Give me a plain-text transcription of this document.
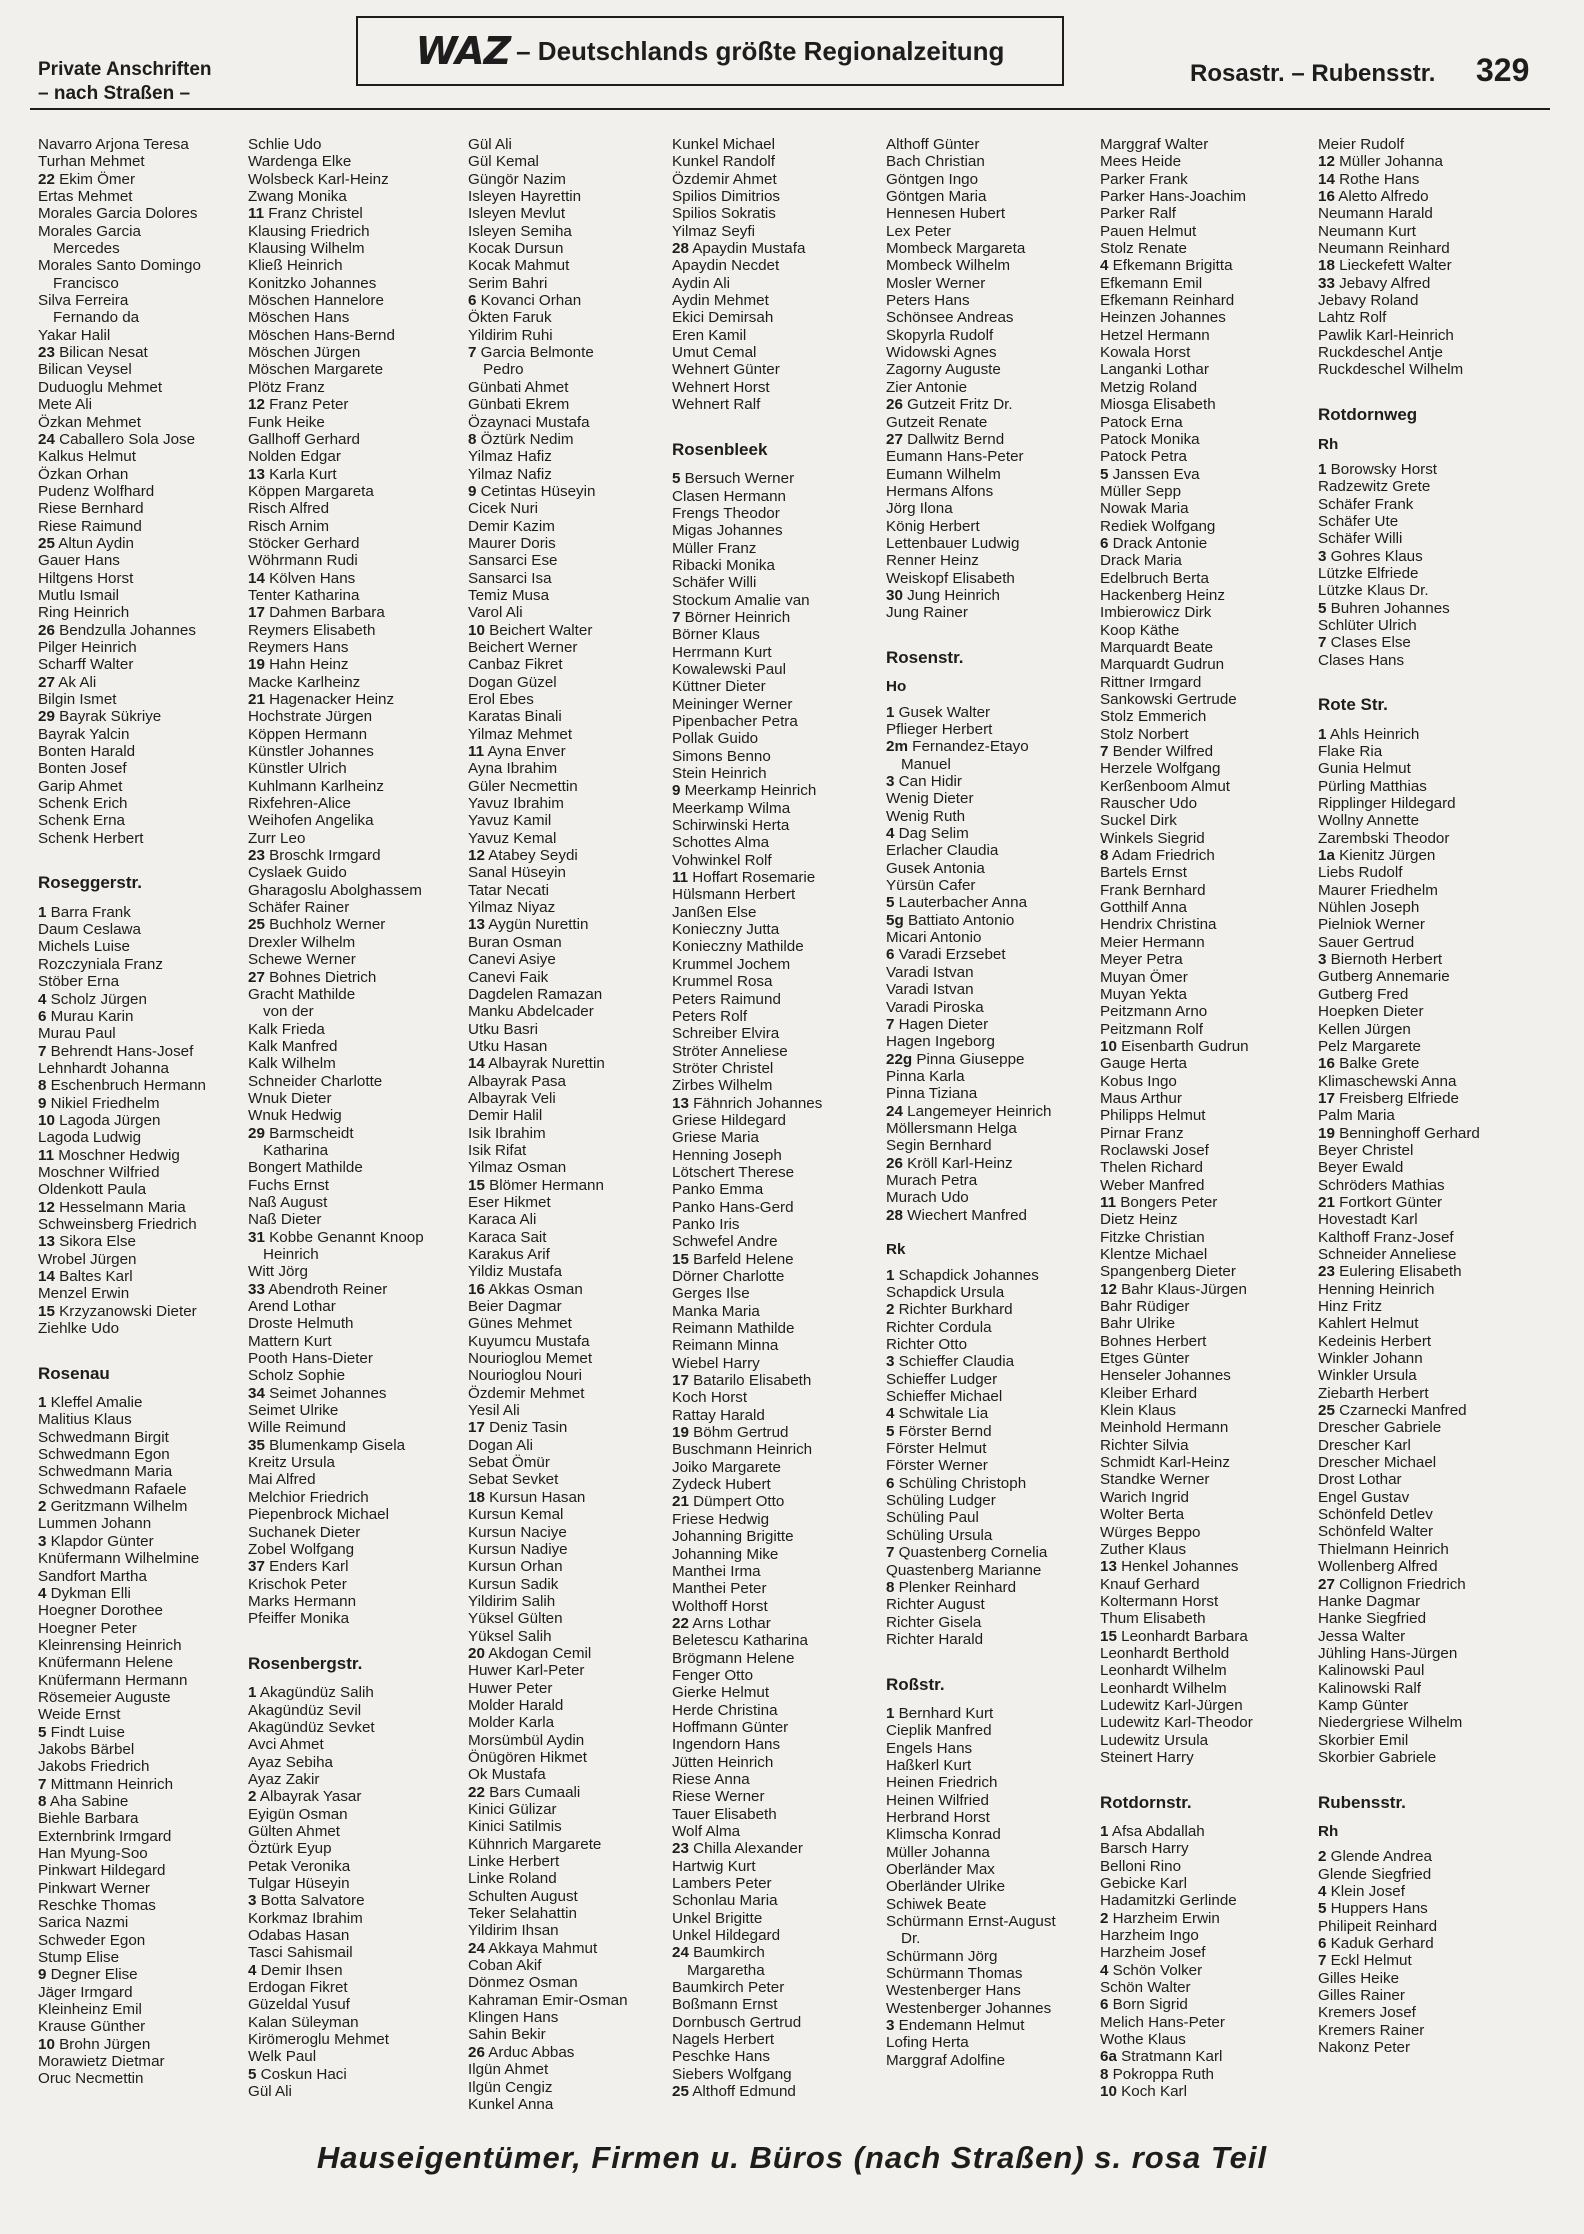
Private Anschriften
– nach Straßen –
WAZ – Deutschlands größte Regionalzeitung
Rosastr. – Rubensstr. 329
Navarro Arjona Teresa
Turhan Mehmet
22 Ekim Ömer
Ertas Mehmet
Morales Garcia Dolores
Morales Garcia
Mercedes
Morales Santo Domingo
Francisco
Silva Ferreira
Fernando da
Yakar Halil
23 Bilican Nesat
Bilican Veysel
Duduoglu Mehmet
Mete Ali
Özkan Mehmet
24 Caballero Sola Jose
Kalkus Helmut
Özkan Orhan
Pudenz Wolfhard
Riese Bernhard
Riese Raimund
25 Altun Aydin
Gauer Hans
Hiltgens Horst
Mutlu Ismail
Ring Heinrich
26 Bendzulla Johannes
Pilger Heinrich
Scharff Walter
27 Ak Ali
Bilgin Ismet
29 Bayrak Sükriye
Bayrak Yalcin
Bonten Harald
Bonten Josef
Garip Ahmet
Schenk Erich
Schenk Erna
Schenk Herbert
Roseggerstr.
1 Barra Frank
Daum Ceslawa
Michels Luise
Rozczyniala Franz
Stöber Erna
4 Scholz Jürgen
6 Murau Karin
Murau Paul
7 Behrendt Hans-Josef
Lehnhardt Johanna
8 Eschenbruch Hermann
9 Nikiel Friedhelm
10 Lagoda Jürgen
Lagoda Ludwig
11 Moschner Hedwig
Moschner Wilfried
Oldenkott Paula
12 Hesselmann Maria
Schweinsberg Friedrich
13 Sikora Else
Wrobel Jürgen
14 Baltes Karl
Menzel Erwin
15 Krzyzanowski Dieter
Ziehlke Udo
Rosenau
1 Kleffel Amalie
Malitius Klaus
Schwedmann Birgit
Schwedmann Egon
Schwedmann Maria
Schwedmann Rafaele
2 Geritzmann Wilhelm
Lummen Johann
3 Klapdor Günter
Knüfermann Wilhelmine
Sandfort Martha
4 Dykman Elli
Hoegner Dorothee
Hoegner Peter
Kleinrensing Heinrich
Knüfermann Helene
Knüfermann Hermann
Rösemeier Auguste
Weide Ernst
5 Findt Luise
Jakobs Bärbel
Jakobs Friedrich
7 Mittmann Heinrich
8 Aha Sabine
Biehle Barbara
Externbrink Irmgard
Han Myung-Soo
Pinkwart Hildegard
Pinkwart Werner
Reschke Thomas
Sarica Nazmi
Schweder Egon
Stump Elise
9 Degner Elise
Jäger Irmgard
Kleinheinz Emil
Krause Günther
10 Brohn Jürgen
Morawietz Dietmar
Oruc Necmettin
Schlie Udo
Wardenga Elke
Wolsbeck Karl-Heinz
Zwang Monika
11 Franz Christel
Klausing Friedrich
Klausing Wilhelm
Kließ Heinrich
Konitzko Johannes
Möschen Hannelore
Möschen Hans
Möschen Hans-Bernd
Möschen Jürgen
Möschen Margarete
Plötz Franz
12 Franz Peter
Funk Heike
Gallhoff Gerhard
Nolden Edgar
13 Karla Kurt
Köppen Margareta
Risch Alfred
Risch Arnim
Stöcker Gerhard
Wöhrmann Rudi
14 Kölven Hans
Tenter Katharina
17 Dahmen Barbara
Reymers Elisabeth
Reymers Hans
19 Hahn Heinz
Macke Karlheinz
21 Hagenacker Heinz
Hochstrate Jürgen
Köppen Hermann
Künstler Johannes
Künstler Ulrich
Kuhlmann Karlheinz
Rixfehren-Alice
Weihofen Angelika
Zurr Leo
23 Broschk Irmgard
Cyslaek Guido
Gharagoslu Abolghassem
Schäfer Rainer
25 Buchholz Werner
Drexler Wilhelm
Schewe Werner
27 Bohnes Dietrich
Gracht Mathilde
von der
Kalk Frieda
Kalk Manfred
Kalk Wilhelm
Schneider Charlotte
Wnuk Dieter
Wnuk Hedwig
29 Barmscheidt
Katharina
Bongert Mathilde
Fuchs Ernst
Naß August
Naß Dieter
31 Kobbe Genannt Knoop
Heinrich
Witt Jörg
33 Abendroth Reiner
Arend Lothar
Droste Helmuth
Mattern Kurt
Pooth Hans-Dieter
Scholz Sophie
34 Seimet Johannes
Seimet Ulrike
Wille Reimund
35 Blumenkamp Gisela
Kreitz Ursula
Mai Alfred
Melchior Friedrich
Piepenbrock Michael
Suchanek Dieter
Zobel Wolfgang
37 Enders Karl
Krischok Peter
Marks Hermann
Pfeiffer Monika
Rosenbergstr.
1 Akagündüz Salih
Akagündüz Sevil
Akagündüz Sevket
Avci Ahmet
Ayaz Sebiha
Ayaz Zakir
2 Albayrak Yasar
Eyigün Osman
Gülten Ahmet
Öztürk Eyup
Petak Veronika
Tulgar Hüseyin
3 Botta Salvatore
Korkmaz Ibrahim
Odabas Hasan
Tasci Sahismail
4 Demir Ihsen
Erdogan Fikret
Güzeldal Yusuf
Kalan Süleyman
Kirömeroglu Mehmet
Welk Paul
5 Coskun Haci
Gül Ali
Gül Ali
Gül Kemal
Güngör Nazim
Isleyen Hayrettin
Isleyen Mevlut
Isleyen Semiha
Kocak Dursun
Kocak Mahmut
Serim Bahri
6 Kovanci Orhan
Ökten Faruk
Yildirim Ruhi
7 Garcia Belmonte
Pedro
Günbati Ahmet
Günbati Ekrem
Özaynaci Mustafa
8 Öztürk Nedim
Yilmaz Hafiz
Yilmaz Nafiz
9 Cetintas Hüseyin
Cicek Nuri
Demir Kazim
Maurer Doris
Sansarci Ese
Sansarci Isa
Temiz Musa
Varol Ali
10 Beichert Walter
Beichert Werner
Canbaz Fikret
Dogan Güzel
Erol Ebes
Karatas Binali
Yilmaz Mehmet
11 Ayna Enver
Ayna Ibrahim
Güler Necmettin
Yavuz Ibrahim
Yavuz Kamil
Yavuz Kemal
12 Atabey Seydi
Sanal Hüseyin
Tatar Necati
Yilmaz Niyaz
13 Aygün Nurettin
Buran Osman
Canevi Asiye
Canevi Faik
Dagdelen Ramazan
Manku Abdelcader
Utku Basri
Utku Hasan
14 Albayrak Nurettin
Albayrak Pasa
Albayrak Veli
Demir Halil
Isik Ibrahim
Isik Rifat
Yilmaz Osman
15 Blömer Hermann
Eser Hikmet
Karaca Ali
Karaca Sait
Karakus Arif
Yildiz Mustafa
16 Akkas Osman
Beier Dagmar
Günes Mehmet
Kuyumcu Mustafa
Nourioglou Memet
Nourioglou Nouri
Özdemir Mehmet
Yesil Ali
17 Deniz Tasin
Dogan Ali
Sebat Ömür
Sebat Sevket
18 Kursun Hasan
Kursun Kemal
Kursun Naciye
Kursun Nadiye
Kursun Orhan
Kursun Sadik
Yildirim Salih
Yüksel Gülten
Yüksel Salih
20 Akdogan Cemil
Huwer Karl-Peter
Huwer Peter
Molder Harald
Molder Karla
Morsümbül Aydin
Önügören Hikmet
Ok Mustafa
22 Bars Cumaali
Kinici Gülizar
Kinici Satilmis
Kühnrich Margarete
Linke Herbert
Linke Roland
Schulten August
Teker Selahattin
Yildirim Ihsan
24 Akkaya Mahmut
Coban Akif
Dönmez Osman
Kahraman Emir-Osman
Klingen Hans
Sahin Bekir
26 Arduc Abbas
Ilgün Ahmet
Ilgün Cengiz
Kunkel Anna
Kunkel Michael
Kunkel Randolf
Özdemir Ahmet
Spilios Dimitrios
Spilios Sokratis
Yilmaz Seyfi
28 Apaydin Mustafa
Apaydin Necdet
Aydin Ali
Aydin Mehmet
Ekici Demirsah
Eren Kamil
Umut Cemal
Wehnert Günter
Wehnert Horst
Wehnert Ralf
Rosenbleek
5 Bersuch Werner
Clasen Hermann
Frengs Theodor
Migas Johannes
Müller Franz
Ribacki Monika
Schäfer Willi
Stockum Amalie van
7 Börner Heinrich
Börner Klaus
Herrmann Kurt
Kowalewski Paul
Küttner Dieter
Meininger Werner
Pipenbacher Petra
Pollak Guido
Simons Benno
Stein Heinrich
9 Meerkamp Heinrich
Meerkamp Wilma
Schirwinski Herta
Schottes Alma
Vohwinkel Rolf
11 Hoffart Rosemarie
Hülsmann Herbert
Janßen Else
Konieczny Jutta
Konieczny Mathilde
Krummel Jochem
Krummel Rosa
Peters Raimund
Peters Rolf
Schreiber Elvira
Ströter Anneliese
Ströter Christel
Zirbes Wilhelm
13 Fähnrich Johannes
Griese Hildegard
Griese Maria
Henning Joseph
Lötschert Therese
Panko Emma
Panko Hans-Gerd
Panko Iris
Schwefel Andre
15 Barfeld Helene
Dörner Charlotte
Gerges Ilse
Manka Maria
Reimann Mathilde
Reimann Minna
Wiebel Harry
17 Batarilo Elisabeth
Koch Horst
Rattay Harald
19 Böhm Gertrud
Buschmann Heinrich
Joiko Margarete
Zydeck Hubert
21 Dümpert Otto
Friese Hedwig
Johanning Brigitte
Johanning Mike
Manthei Irma
Manthei Peter
Wolthoff Horst
22 Arns Lothar
Beletescu Katharina
Brögmann Helene
Fenger Otto
Gierke Helmut
Herde Christina
Hoffmann Günter
Ingendorn Hans
Jütten Heinrich
Riese Anna
Riese Werner
Tauer Elisabeth
Wolf Alma
23 Chilla Alexander
Hartwig Kurt
Lambers Peter
Schonlau Maria
Unkel Brigitte
Unkel Hildegard
24 Baumkirch
Margaretha
Baumkirch Peter
Boßmann Ernst
Dornbusch Gertrud
Nagels Herbert
Peschke Hans
Siebers Wolfgang
25 Althoff Edmund
Althoff Günter
Bach Christian
Göntgen Ingo
Göntgen Maria
Hennesen Hubert
Lex Peter
Mombeck Margareta
Mombeck Wilhelm
Mosler Werner
Peters Hans
Schönsee Andreas
Skopyrla Rudolf
Widowski Agnes
Zagorny Auguste
Zier Antonie
26 Gutzeit Fritz Dr.
Gutzeit Renate
27 Dallwitz Bernd
Eumann Hans-Peter
Eumann Wilhelm
Hermans Alfons
Jörg Ilona
König Herbert
Lettenbauer Ludwig
Renner Heinz
Weiskopf Elisabeth
30 Jung Heinrich
Jung Rainer
Rosenstr.
Ho
1 Gusek Walter
Pflieger Herbert
2m Fernandez-Etayo
Manuel
3 Can Hidir
Wenig Dieter
Wenig Ruth
4 Dag Selim
Erlacher Claudia
Gusek Antonia
Yürsün Cafer
5 Lauterbacher Anna
5g Battiato Antonio
Micari Antonio
6 Varadi Erzsebet
Varadi Istvan
Varadi Istvan
Varadi Piroska
7 Hagen Dieter
Hagen Ingeborg
22g Pinna Giuseppe
Pinna Karla
Pinna Tiziana
24 Langemeyer Heinrich
Möllersmann Helga
Segin Bernhard
26 Kröll Karl-Heinz
Murach Petra
Murach Udo
28 Wiechert Manfred
Rk
1 Schapdick Johannes
Schapdick Ursula
2 Richter Burkhard
Richter Cordula
Richter Otto
3 Schieffer Claudia
Schieffer Ludger
Schieffer Michael
4 Schwitale Lia
5 Förster Bernd
Förster Helmut
Förster Werner
6 Schüling Christoph
Schüling Ludger
Schüling Paul
Schüling Ursula
7 Quastenberg Cornelia
Quastenberg Marianne
8 Plenker Reinhard
Richter August
Richter Gisela
Richter Harald
Roßstr.
1 Bernhard Kurt
Cieplik Manfred
Engels Hans
Haßkerl Kurt
Heinen Friedrich
Heinen Wilfried
Herbrand Horst
Klimscha Konrad
Müller Johanna
Oberländer Max
Oberländer Ulrike
Schiwek Beate
Schürmann Ernst-August
Dr.
Schürmann Jörg
Schürmann Thomas
Westenberger Hans
Westenberger Johannes
3 Endemann Helmut
Lofing Herta
Marggraf Adolfine
Marggraf Walter
Mees Heide
Parker Frank
Parker Hans-Joachim
Parker Ralf
Pauen Helmut
Stolz Renate
4 Efkemann Brigitta
Efkemann Emil
Efkemann Reinhard
Heinzen Johannes
Hetzel Hermann
Kowala Horst
Langanki Lothar
Metzig Roland
Miosga Elisabeth
Patock Erna
Patock Monika
Patock Petra
5 Janssen Eva
Müller Sepp
Nowak Maria
Rediek Wolfgang
6 Drack Antonie
Drack Maria
Edelbruch Berta
Hackenberg Heinz
Imbierowicz Dirk
Koop Käthe
Marquardt Beate
Marquardt Gudrun
Rittner Irmgard
Sankowski Gertrude
Stolz Emmerich
Stolz Norbert
7 Bender Wilfred
Herzele Wolfgang
Kerßenboom Almut
Rauscher Udo
Suckel Dirk
Winkels Siegrid
8 Adam Friedrich
Bartels Ernst
Frank Bernhard
Gotthilf Anna
Hendrix Christina
Meier Hermann
Meyer Petra
Muyan Ömer
Muyan Yekta
Peitzmann Arno
Peitzmann Rolf
10 Eisenbarth Gudrun
Gauge Herta
Kobus Ingo
Maus Arthur
Philipps Helmut
Pirnar Franz
Roclawski Josef
Thelen Richard
Weber Manfred
11 Bongers Peter
Dietz Heinz
Fitzke Christian
Klentze Michael
Spangenberg Dieter
12 Bahr Klaus-Jürgen
Bahr Rüdiger
Bahr Ulrike
Bohnes Herbert
Etges Günter
Henseler Johannes
Kleiber Erhard
Klein Klaus
Meinhold Hermann
Richter Silvia
Schmidt Karl-Heinz
Standke Werner
Warich Ingrid
Wolter Berta
Würges Beppo
Zuther Klaus
13 Henkel Johannes
Knauf Gerhard
Koltermann Horst
Thum Elisabeth
15 Leonhardt Barbara
Leonhardt Berthold
Leonhardt Wilhelm
Leonhardt Wilhelm
Ludewitz Karl-Jürgen
Ludewitz Karl-Theodor
Ludewitz Ursula
Steinert Harry
Rotdornstr.
1 Afsa Abdallah
Barsch Harry
Belloni Rino
Gebicke Karl
Hadamitzki Gerlinde
2 Harzheim Erwin
Harzheim Ingo
Harzheim Josef
4 Schön Volker
Schön Walter
6 Born Sigrid
Melich Hans-Peter
Wothe Klaus
6a Stratmann Karl
8 Pokroppa Ruth
10 Koch Karl
Meier Rudolf
12 Müller Johanna
14 Rothe Hans
16 Aletto Alfredo
Neumann Harald
Neumann Kurt
Neumann Reinhard
18 Lieckefett Walter
33 Jebavy Alfred
Jebavy Roland
Lahtz Rolf
Pawlik Karl-Heinrich
Ruckdeschel Antje
Ruckdeschel Wilhelm
Rotdornweg
Rh
1 Borowsky Horst
Radzewitz Grete
Schäfer Frank
Schäfer Ute
Schäfer Willi
3 Gohres Klaus
Lützke Elfriede
Lützke Klaus Dr.
5 Buhren Johannes
Schlüter Ulrich
7 Clases Else
Clases Hans
Rote Str.
1 Ahls Heinrich
Flake Ria
Gunia Helmut
Pürling Matthias
Ripplinger Hildegard
Wollny Annette
Zarembski Theodor
1a Kienitz Jürgen
Liebs Rudolf
Maurer Friedhelm
Nühlen Joseph
Pielniok Werner
Sauer Gertrud
3 Biernoth Herbert
Gutberg Annemarie
Gutberg Fred
Hoepken Dieter
Kellen Jürgen
Pelz Margarete
16 Balke Grete
Klimaschewski Anna
17 Freisberg Elfriede
Palm Maria
19 Benninghoff Gerhard
Beyer Christel
Beyer Ewald
Schröders Mathias
21 Fortkort Günter
Hovestadt Karl
Kalthoff Franz-Josef
Schneider Anneliese
23 Eulering Elisabeth
Henning Heinrich
Hinz Fritz
Kahlert Helmut
Kedeinis Herbert
Winkler Johann
Winkler Ursula
Ziebarth Herbert
25 Czarnecki Manfred
Drescher Gabriele
Drescher Karl
Drescher Michael
Drost Lothar
Engel Gustav
Schönfeld Detlev
Schönfeld Walter
Thielmann Heinrich
Wollenberg Alfred
27 Collignon Friedrich
Hanke Dagmar
Hanke Siegfried
Jessa Walter
Jühling Hans-Jürgen
Kalinowski Paul
Kalinowski Ralf
Kamp Günter
Niedergriese Wilhelm
Skorbier Emil
Skorbier Gabriele
Rubensstr.
Rh
2 Glende Andrea
Glende Siegfried
4 Klein Josef
5 Huppers Hans
Philipeit Reinhard
6 Kaduk Gerhard
7 Eckl Helmut
Gilles Heike
Gilles Rainer
Kremers Josef
Kremers Rainer
Nakonz Peter
Hauseigentümer, Firmen u. Büros (nach Straßen) s. rosa Teil
